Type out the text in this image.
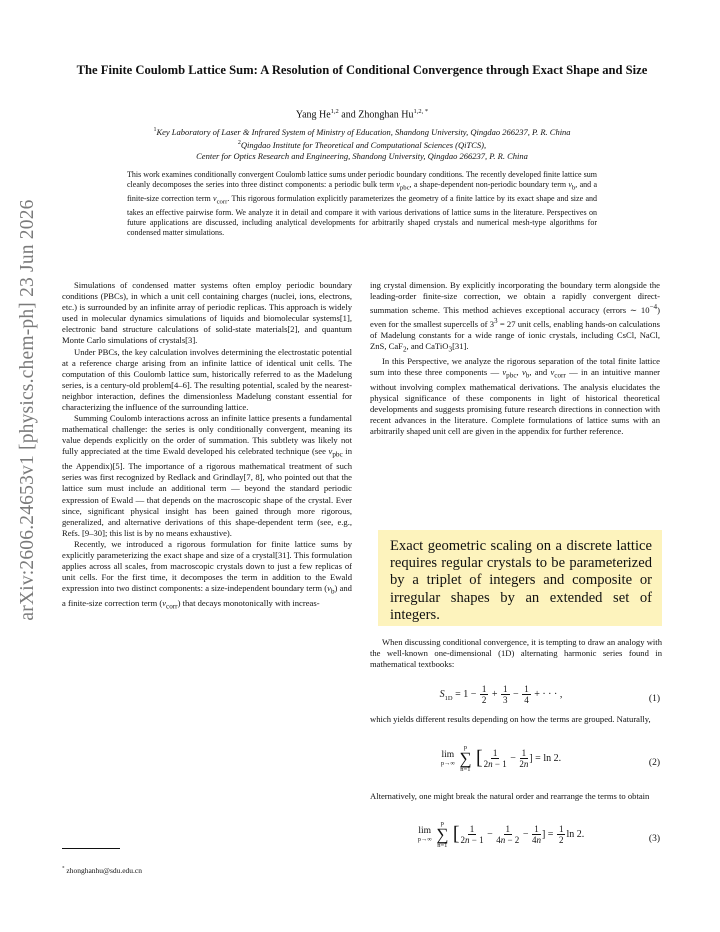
arXiv:2606.24653v1 [physics.chem-ph] 23 Jun 2026
The Finite Coulomb Lattice Sum: A Resolution of Conditional Convergence through Exact Shape and Size
Yang He$^{1,2}$ and Zhonghan $Hu^{1,2, *}$
$^1$Key Laboratory of Laser & Infrared System of Ministry of Education, Shandong University, Qingdao 266237, P. R. China
$^2$Qingdao Institute for Theoretical and Computational Sciences (QiTCS),
Center for Optics Research and Engineering, Shandong University, Qingdao 266237, P. R. China
This work examines conditionally convergent Coulomb lattice sums under periodic boundary conditions. The recently developed finite lattice sum cleanly decomposes the series into three distinct components: a periodic bulk term $\nu_{pbc}$, a shape-dependent non-periodic boundary term $\nu_b$, and a finite-size correction term $\nu_{corr}$. This rigorous formulation explicitly parameterizes the geometry of a finite lattice by its exact shape and size and takes an effective pairwise form. We analyze it in detail and compare it with various derivations of lattice sums in the literature. Perspectives on future applications are discussed, including analytical developments for arbitrarily shaped crystals and numerical mesh-type algorithms for condensed matter simulations.

Simulations of condensed matter systems often employ periodic boundary conditions (PBCs), in which a unit cell containing charges (nuclei, ions, electrons, etc.) is surrounded by an infinite array of periodic replicas. This approach is widely used in molecular dynamics simulations of liquids and biomolecular systems[1], electronic band structure calculations of solid-state materials[2], and quantum Monte Carlo simulations of crystals[3].

Under PBCs, the key calculation involves determining the electrostatic potential at a reference charge arising from an infinite lattice of identical unit cells. The computation of this Coulomb lattice sum, historically referred to as the Madelung series, is a century-old problem[4–6]. The resulting potential, scaled by the nearest-neighbor interaction, defines the dimensionless Madelung constant essential for characterizing the influence of the surrounding lattice.

Summing Coulomb interactions across an infinite lattice presents a fundamental mathematical challenge: the series is only conditionally convergent, meaning its value depends explicitly on the order of summation. This subtlety was likely not fully appreciated at the time Ewald developed his celebrated technique (see $\nu_{pbc}$ in the Appendix)[5]. The importance of a rigorous mathematical treatment of such series was first recognized by Redlack and Grindlay[7, 8], who pointed out that the lattice sum must include an additional term — beyond the standard periodic expression of Ewald — that depends on the macroscopic shape of the crystal. Ever since, significant physical insight has been gained through more rigorous, generalized, and alternative derivations of this shape-dependent term (see, e.g., Refs. [9–30]; this list is by no means exhaustive).

Recently, we introduced a rigorous formulation for finite lattice sums by explicitly parameterizing the exact shape and size of a crystal[31]. This formulation applies across all scales, from macroscopic crystals down to just a few replicas of unit cells. For the first time, it decomposes the term in addition to the Ewald expression into two distinct components: a size-independent boundary term $(\nu_b)$ and a finite-size correction term $(\nu_{corr})$ that decays monotonically with increas-

ing crystal dimension. By explicitly incorporating the boundary term alongside the leading-order finite-size correction, we obtain a rapidly convergent direct-summation scheme. This method achieves exceptional accuracy (errors ∼ $10^{-4}$) even for the smallest supercells of $3^3 = 27$ unit cells, enabling hands-on calculations of Madelung constants for a wide range of ionic crystals, including CsCl, NaCl, ZnS, CaF$_2$, and CaTiO$_3$[31].

In this Perspective, we analyze the rigorous separation of the total finite lattice sum into these three components — $\nu_{pbc}$, $\nu_b$, and $\nu_{corr}$ — in an intuitive manner without involving complex mathematical derivations. The analysis elucidates the physical significance of these components in light of historical theoretical developments and suggests promising future research directions in connection with recent advances in the literature. Complete formulations of lattice sums with an arbitrarily shaped unit cell are given in the appendix for further reference.

Exact geometric scaling on a discrete lattice requires regular crystals to be parameterized by a triplet of integers and composite or irregular shapes by an extended set of integers.
When discussing conditional convergence, it is tempting to draw an analogy with the well-known one-dimensional (1D) alternating harmonic series found in mathematical textbooks:
$S_{1D} = 1 - \frac{1}{2} + \frac{1}{3} - \frac{1}{4}$ + · · · ,	(1)
which yields different results depending on how the terms are grouped. Naturally,
lim
p→∞

p
∑
n=1
[ $\frac{1}{2n - 1} - \frac{1}{2n}$ ] = ln 2.	(2)
Alternatively, one might break the natural order and rearrange the terms to obtain
lim
p→∞

p
∑
n=1
[ $\frac{1}{2n - 1} - \frac{1}{4n - 2} - \frac{1}{4n}$ ] = $\frac{1}{2}$ ln 2.	(3)
* zhonghanhu@sdu.edu.cn
